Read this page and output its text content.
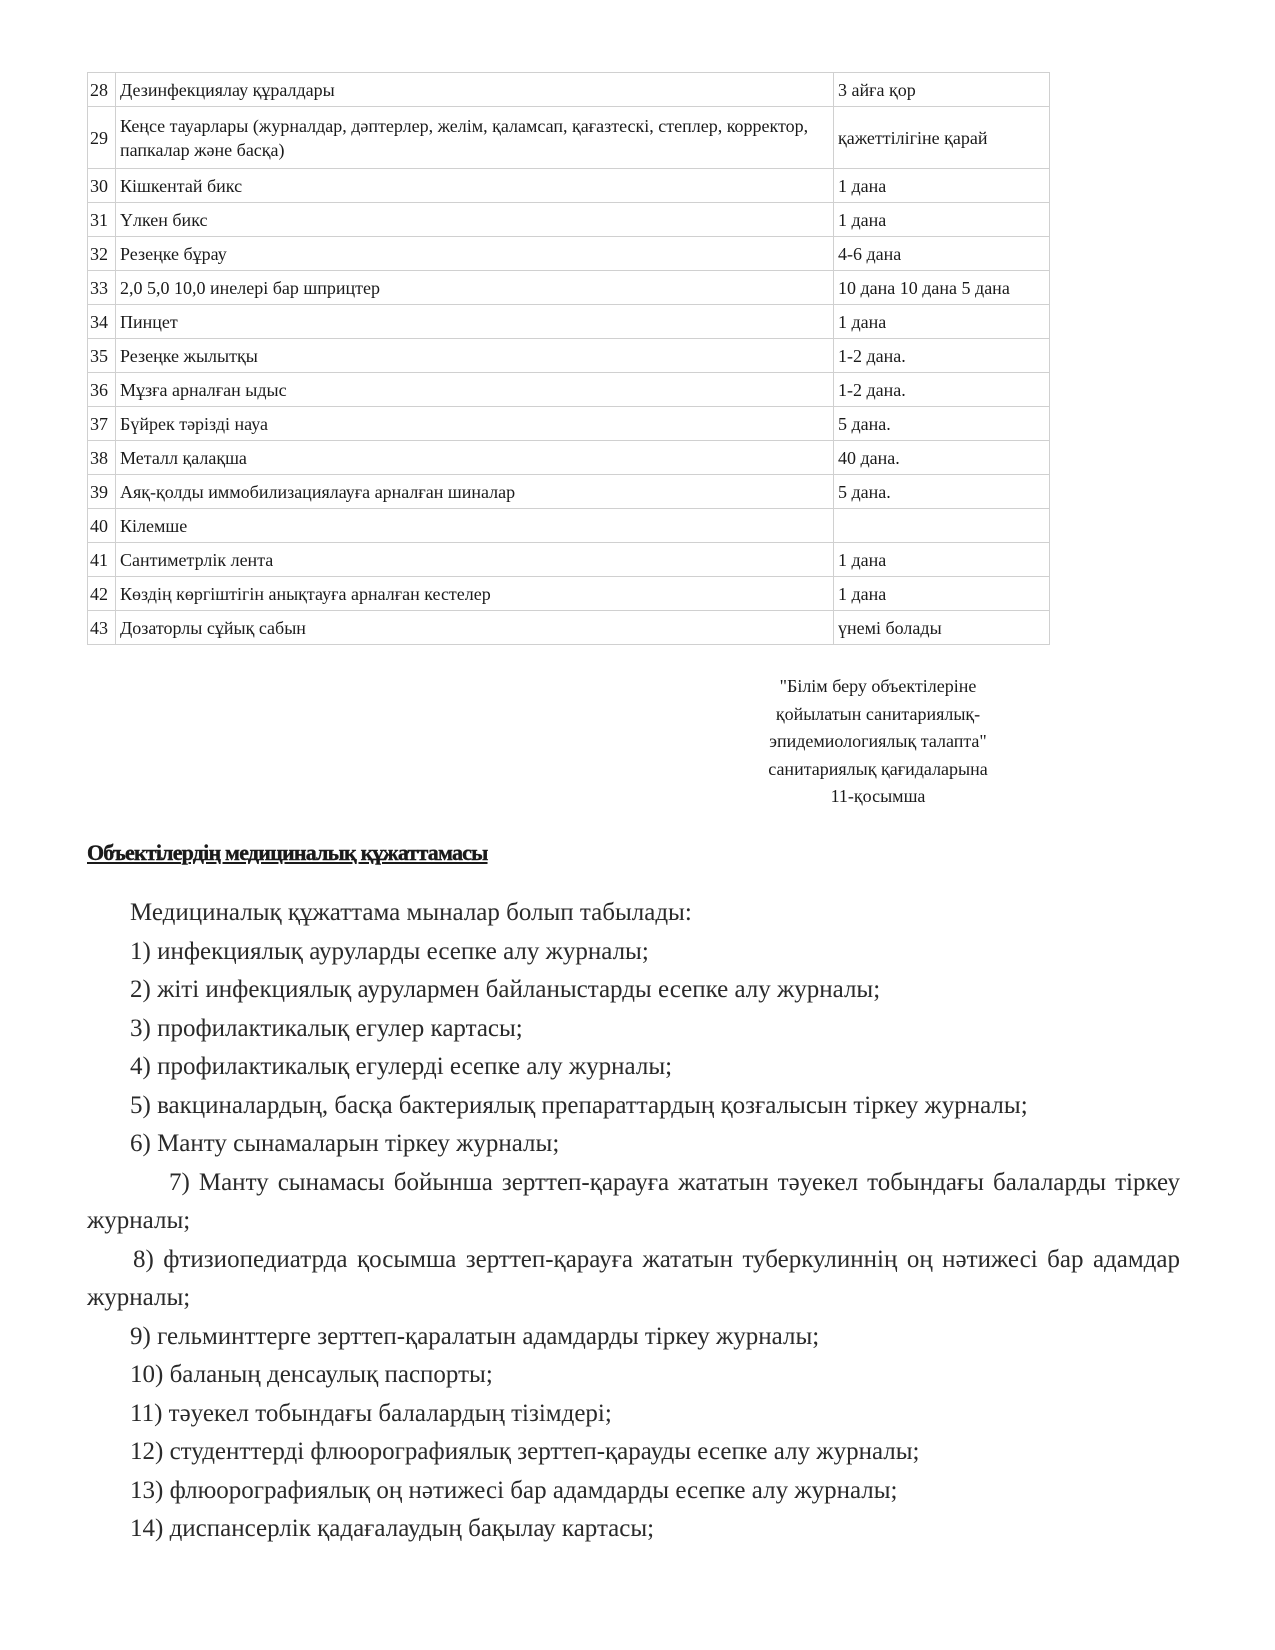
28	Дезинфекциялау құралдары	3 айға қор
29	Кеңсе тауарлары (журналдар, дәптерлер, желім, қаламсап, қағазтескі, степлер, корректор, папкалар және басқа)	қажеттілігіне қарай
30	Кішкентай бикс	1 дана
31	Үлкен бикс	1 дана
32	Резеңке бұрау	4-6 дана
33	2,0 5,0 10,0 инелері бар шприцтер	10 дана 10 дана 5 дана
34	Пинцет	1 дана
35	Резеңке жылытқы	1-2 дана.
36	Мұзға арналған ыдыс	1-2 дана.
37	Бүйрек тәрізді науа	5 дана.
38	Металл қалақша	40 дана.
39	Аяқ-қолды иммобилизациялауға арналған шиналар	5 дана.
40	Кілемше	
41	Сантиметрлік лента	1 дана
42	Көздің көргіштігін анықтауға арналған кестелер	1 дана
43	Дозаторлы сұйық сабын	үнемі болады
"Білім беру объектілеріне
қойылатын санитариялық-
эпидемиологиялық талапта"
санитариялық қағидаларына
11-қосымша
Объектілердің медициналық құжаттамасы

Медициналық құжаттама мыналар болып табылады:

1) инфекциялық ауруларды есепке алу журналы;

2) жіті инфекциялық аурулармен байланыстарды есепке алу журналы;

3) профилактикалық егулер картасы;

4) профилактикалық егулерді есепке алу журналы;

5) вакциналардың, басқа бактериялық препараттардың қозғалысын тіркеу журналы;

6) Манту сынамаларын тіркеу журналы;

7) Манту сынамасы бойынша зерттеп-қарауға жататын тәуекел тобындағы балаларды тіркеу журналы;

8) фтизиопедиатрда қосымша зерттеп-қарауға жататын туберкулиннің оң нәтижесі бар адамдар журналы;

9) гельминттерге зерттеп-қаралатын адамдарды тіркеу журналы;

10) баланың денсаулық паспорты;

11) тәуекел тобындағы балалардың тізімдері;

12) студенттерді флюорографиялық зерттеп-қарауды есепке алу журналы;

13) флюорографиялық оң нәтижесі бар адамдарды есепке алу журналы;

14) диспансерлік қадағалаудың бақылау картасы;
